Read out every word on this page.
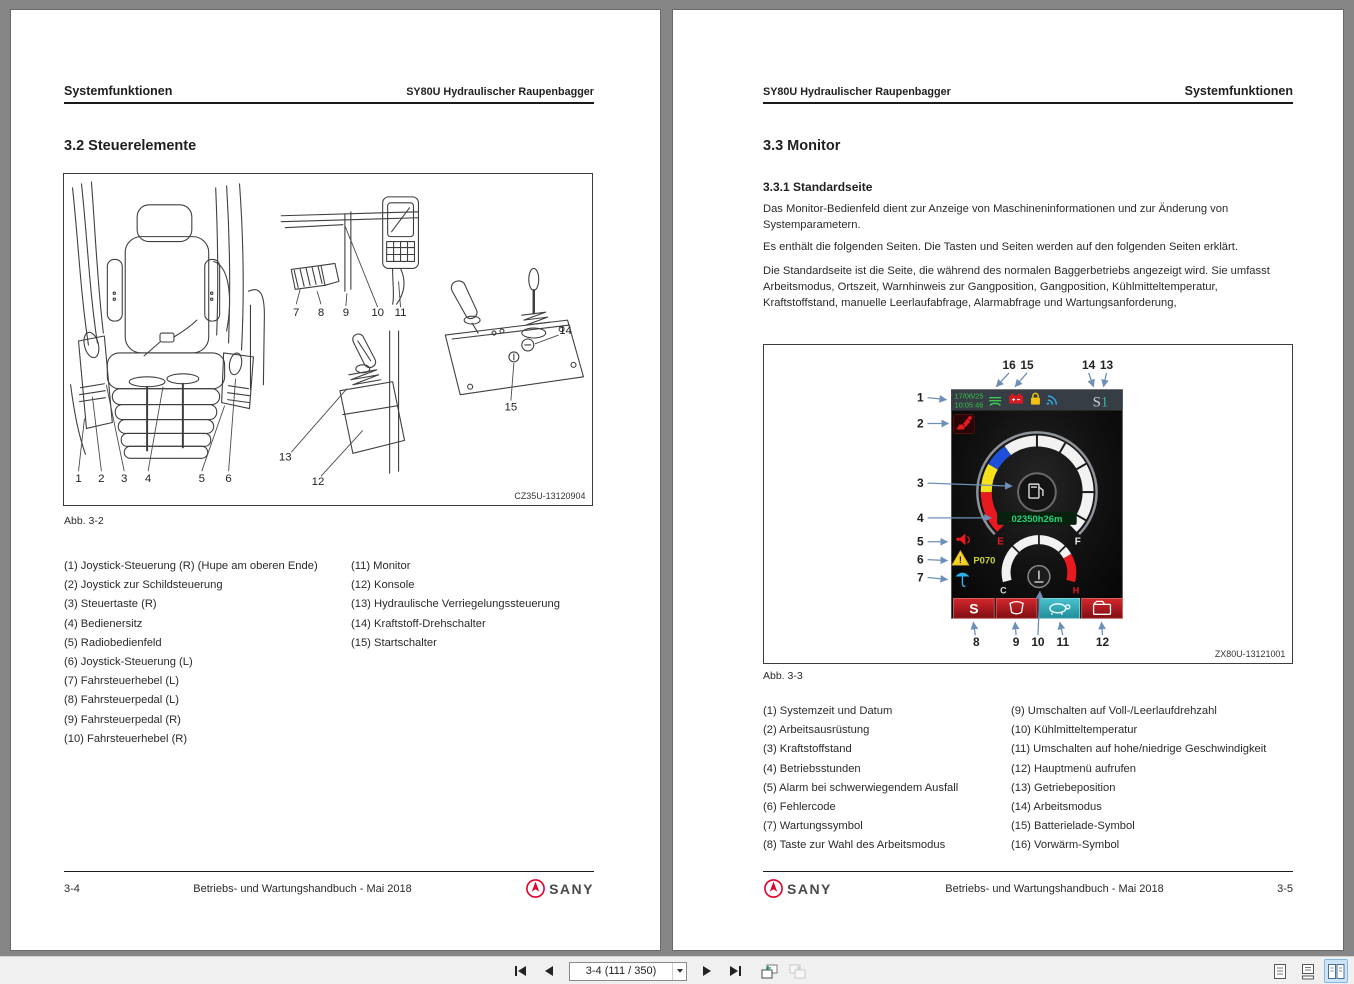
Systemfunktionen	SY80U Hydraulischer Raupenbagger
3.2 Steuerelemente
1 2 3 4	5 6
7 8 9 10 11
12
13
14
15
CZ35U-13120904
Abb. 3-2
(1) Joystick-Steuerung (R) (Hupe am oberen Ende)
(2) Joystick zur Schildsteuerung
(3) Steuertaste (R)
(4) Bedienersitz
(5) Radiobedienfeld
(6) Joystick-Steuerung (L)
(7) Fahrsteuerhebel (L)
(8) Fahrsteuerpedal (L)
(9) Fahrsteuerpedal (R)
(10) Fahrsteuerhebel (R)
(11) Monitor
(12) Konsole
(13) Hydraulische Verriegelungssteuerung
(14) Kraftstoff-Drehschalter
(15) Startschalter
3-4	Betriebs- und Wartungshandbuch - Mai 2018	SANY
SY80U Hydraulischer Raupenbagger	Systemfunktionen
3.3 Monitor
3.3.1 Standardseite
Das Monitor-Bedienfeld dient zur Anzeige von Maschineninformationen und zur Änderung von Systemparametern.
Es enthält die folgenden Seiten. Die Tasten und Seiten werden auf den folgenden Seiten erklärt.
Die Standardseite ist die Seite, die während des normalen Baggerbetriebs angezeigt wird. Sie umfasst Arbeitsmodus, Ortszeit, Warnhinweis zur Gangposition, Gangposition, Kühlmitteltemperatur, Kraftstoffstand, manuelle Leerlaufabfrage, Alarmabfrage und Wartungsanforderung,
17/06/25
10:05:46	S1
E	F
02350h26m
! P070
C	H
S
1
2
3
4
5
6
7
8	9 10 11 12
13
14
15
16
ZX80U-13121001
Abb. 3-3
(1) Systemzeit und Datum
(2) Arbeitsausrüstung
(3) Kraftstoffstand
(4) Betriebsstunden
(5) Alarm bei schwerwiegendem Ausfall
(6) Fehlercode
(7) Wartungssymbol
(8) Taste zur Wahl des Arbeitsmodus
(9) Umschalten auf Voll-/Leerlaufdrehzahl
(10) Kühlmitteltemperatur
(11) Umschalten auf hohe/niedrige Geschwindigkeit
(12) Hauptmenü aufrufen
(13) Getriebeposition
(14) Arbeitsmodus
(15) Batterielade-Symbol
(16) Vorwärm-Symbol
SANY	Betriebs- und Wartungshandbuch - Mai 2018	3-5
3-4 (111 / 350)
